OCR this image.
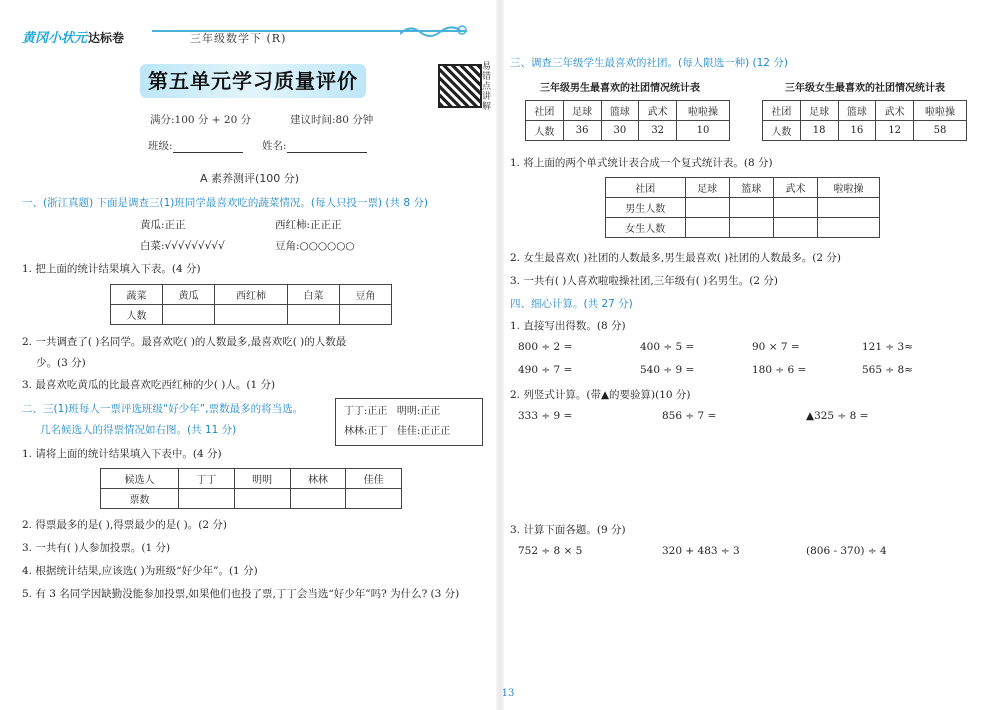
黄冈小状元 达标卷	三年级数学下 (R)
第五单元学习质量评价
易错点讲解
满分:100 分 + 20 分	建议时间:80 分钟
班级:	姓名:
A 素养测评(100 分)
一、(浙江真题) 下面是调查三(1)班同学最喜欢吃的蔬菜情况。(每人只投一票) (共 8 分)
黄瓜:正正	西红柿:正正正
白菜:√√√√√√√√√	豆角:○○○○○○
1. 把上面的统计结果填入下表。(4 分)
蔬菜	黄瓜	西红柿	白菜	豆角
人数				
2. 一共调查了( )名同学。最喜欢吃( )的人数最多,最喜欢吃( )的人数最
少。(3 分)
3. 最喜欢吃黄瓜的比最喜欢吃西红柿的少( )人。(1 分)
二、三(1)班每人一票评选班级“好少年”,票数最多的将当选。
几名候选人的得票情况如右图。(共 11 分)
丁丁:正正 明明:正正
林林:正丁 佳佳:正正正
1. 请将上面的统计结果填入下表中。(4 分)
候选人	丁丁	明明	林林	佳佳
票数				
2. 得票最多的是( ),得票最少的是( )。(2 分)
3. 一共有( )人参加投票。(1 分)
4. 根据统计结果,应该选( )为班级“好少年”。(1 分)
5. 有 3 名同学因缺勤没能参加投票,如果他们也投了票,丁丁会当选“好少年”吗? 为什么? (3 分)
三、调查三年级学生最喜欢的社团。(每人限选一种) (12 分)
三年级男生最喜欢的社团情况统计表	三年级女生最喜欢的社团情况统计表
社团	足球	篮球	武术	啦啦操
人数	36	30	32	10
社团	足球	篮球	武术	啦啦操
人数	18	16	12	58
1. 将上面的两个单式统计表合成一个复式统计表。(8 分)
社团	足球	篮球	武术	啦啦操
男生人数				
女生人数				
2. 女生最喜欢( )社团的人数最多,男生最喜欢( )社团的人数最多。(2 分)
3. 一共有( )人喜欢啦啦操社团,三年级有( )名男生。(2 分)
四、细心计算。(共 27 分)
1. 直接写出得数。(8 分)
800 ÷ 2 =	400 ÷ 5 =	90 × 7 =	121 ÷ 3≈
490 ÷ 7 =	540 ÷ 9 =	180 ÷ 6 =	565 ÷ 8≈
2. 列竖式计算。(带▲的要验算)(10 分)
333 ÷ 9 =	856 ÷ 7 =	▲325 ÷ 8 =
3. 计算下面各题。(9 分)
752 ÷ 8 × 5	320 + 483 ÷ 3	(806 - 370) ÷ 4
13
